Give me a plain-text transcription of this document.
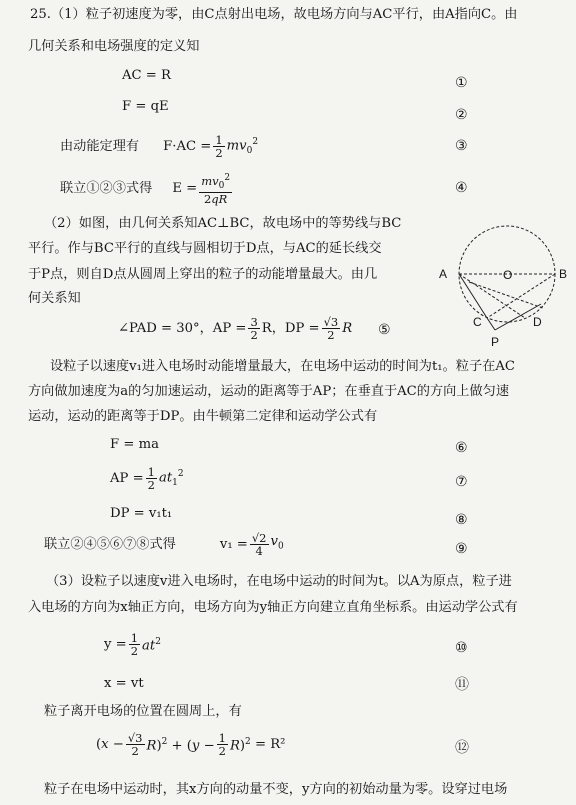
25.（1）粒子初速度为零，由C点射出电场，故电场方向与AC平行，由A指向C。由
几何关系和电场强度的定义知
AC = R	①
F = qE
②
由动能定理有 $F\cdot AC = \frac{1}{2} mv_0^2$	③
联立①②③式得 $E = \frac{mv_0^2}{2qR}$	④
（2）如图，由几何关系知AC⊥BC，故电场中的等势线与BC
平行。作与BC平行的直线与圆相切于D点，与AC的延长线交
于P点，则自D点从圆周上穿出的粒子的动能增量最大。由几
何关系知
∠PAD = 30°，AP = $\frac{3}{2}$ R，DP = $\frac{√3}{2}$ R ⑤
A	B
O
C	D
P
设粒子以速度v₁进入电场时动能增量最大，在电场中运动的时间为t₁。粒子在AC
方向做加速度为a的匀加速运动，运动的距离等于AP；在垂直于AC的方向上做匀速
运动，运动的距离等于DP。由牛顿第二定律和运动学公式有
F = ma	⑥
AP = $\frac{1}{2} at_1^2$	⑦
DP = v₁t₁	⑧
联立②④⑤⑥⑦⑧式得	$v_1 = \frac{√2}{4} v_0$	⑨
（3）设粒子以速度v进入电场时，在电场中运动的时间为t。以A为原点，粒子进
入电场的方向为x轴正方向，电场方向为y轴正方向建立直角坐标系。由运动学公式有
$y = \frac{1}{2} at^2$	⑩
x = vt	⑪
粒子离开电场的位置在圆周上，有
$(x - \frac{√3}{2} R)^2 + (y - \frac{1}{2} R)^2 = R^2$	⑫
粒子在电场中运动时，其x方向的动量不变，y方向的初始动量为零。设穿过电场
